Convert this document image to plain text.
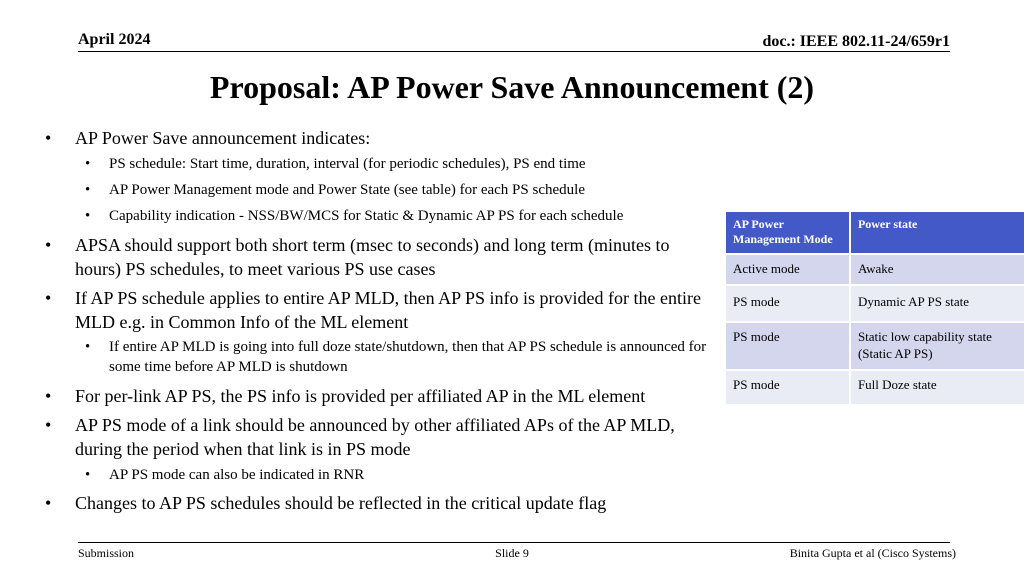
April 2024	doc.: IEEE 802.11-24/659r1
Proposal: AP Power Save Announcement (2)
• AP Power Save announcement indicates:
• PS schedule: Start time, duration, interval (for periodic schedules), PS end time
• AP Power Management mode and Power State (see table) for each PS schedule
• Capability indication - NSS/BW/MCS for Static & Dynamic AP PS for each schedule
• APSA should support both short term (msec to seconds) and long term (minutes to hours) PS schedules, to meet various PS use cases
• If AP PS schedule applies to entire AP MLD, then AP PS info is provided for the entire MLD e.g. in Common Info of the ML element
• If entire AP MLD is going into full doze state/shutdown, then that AP PS schedule is announced for some time before AP MLD is shutdown
• For per-link AP PS, the PS info is provided per affiliated AP in the ML element
• AP PS mode of a link should be announced by other affiliated APs of the AP MLD, during the period when that link is in PS mode
• AP PS mode can also be indicated in RNR
• Changes to AP PS schedules should be reflected in the critical update flag
AP Power Management Mode	Power state
Active mode	Awake
PS mode	Dynamic AP PS state
PS mode	Static low capability state (Static AP PS)
PS mode	Full Doze state
Submission	Slide 9	Binita Gupta et al (Cisco Systems)
